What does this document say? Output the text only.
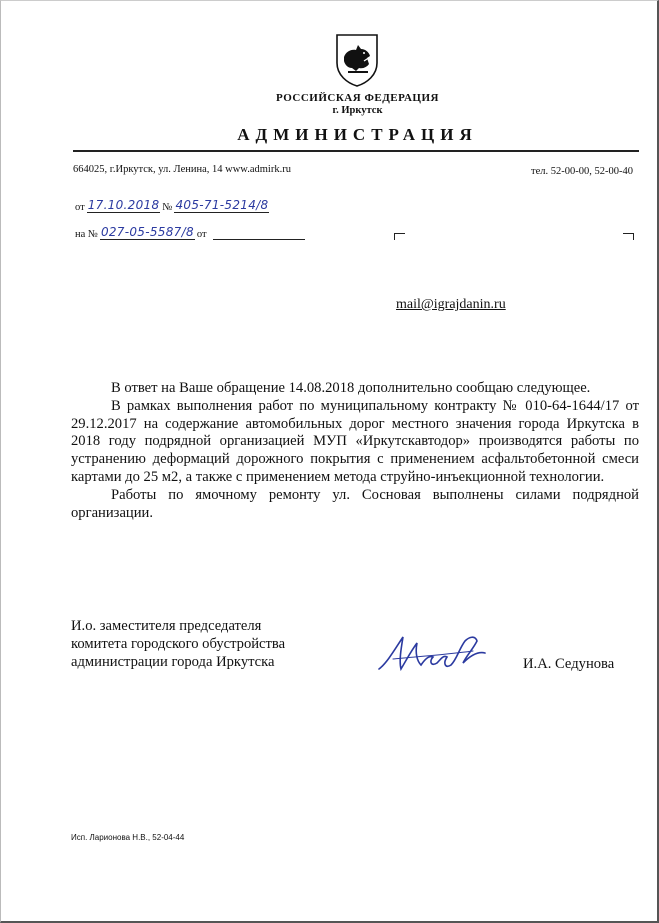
РОССИЙСКАЯ ФЕДЕРАЦИЯ
г. Иркутск
АДМИНИСТРАЦИЯ
664025, г.Иркутск, ул. Ленина, 14 www.admirk.ru	тел. 52-00-00, 52-00-40
от 17.10.2018 № 405-71-5214/8
на № 027-05-5587/8 от
mail@igrajdanin.ru

В ответ на Ваше обращение 14.08.2018 дополнительно сообщаю следующее.

В рамках выполнения работ по муниципальному контракту № 010-64-1644/17 от 29.12.2017 на содержание автомобильных дорог местного значения города Иркутска в 2018 году подрядной организацией МУП «Иркутскавтодор» производятся работы по устранению деформаций дорожного покрытия с применением асфальтобетонной смеси картами до 25 м2, а также с применением метода струйно-инъекционной технологии.

Работы по ямочному ремонту ул. Сосновая выполнены силами подрядной организации.

И.о. заместителя председателя
комитета городского обустройства
администрации города Иркутска	И.А. Седунова
Исп. Ларионова Н.В., 52-04-44
